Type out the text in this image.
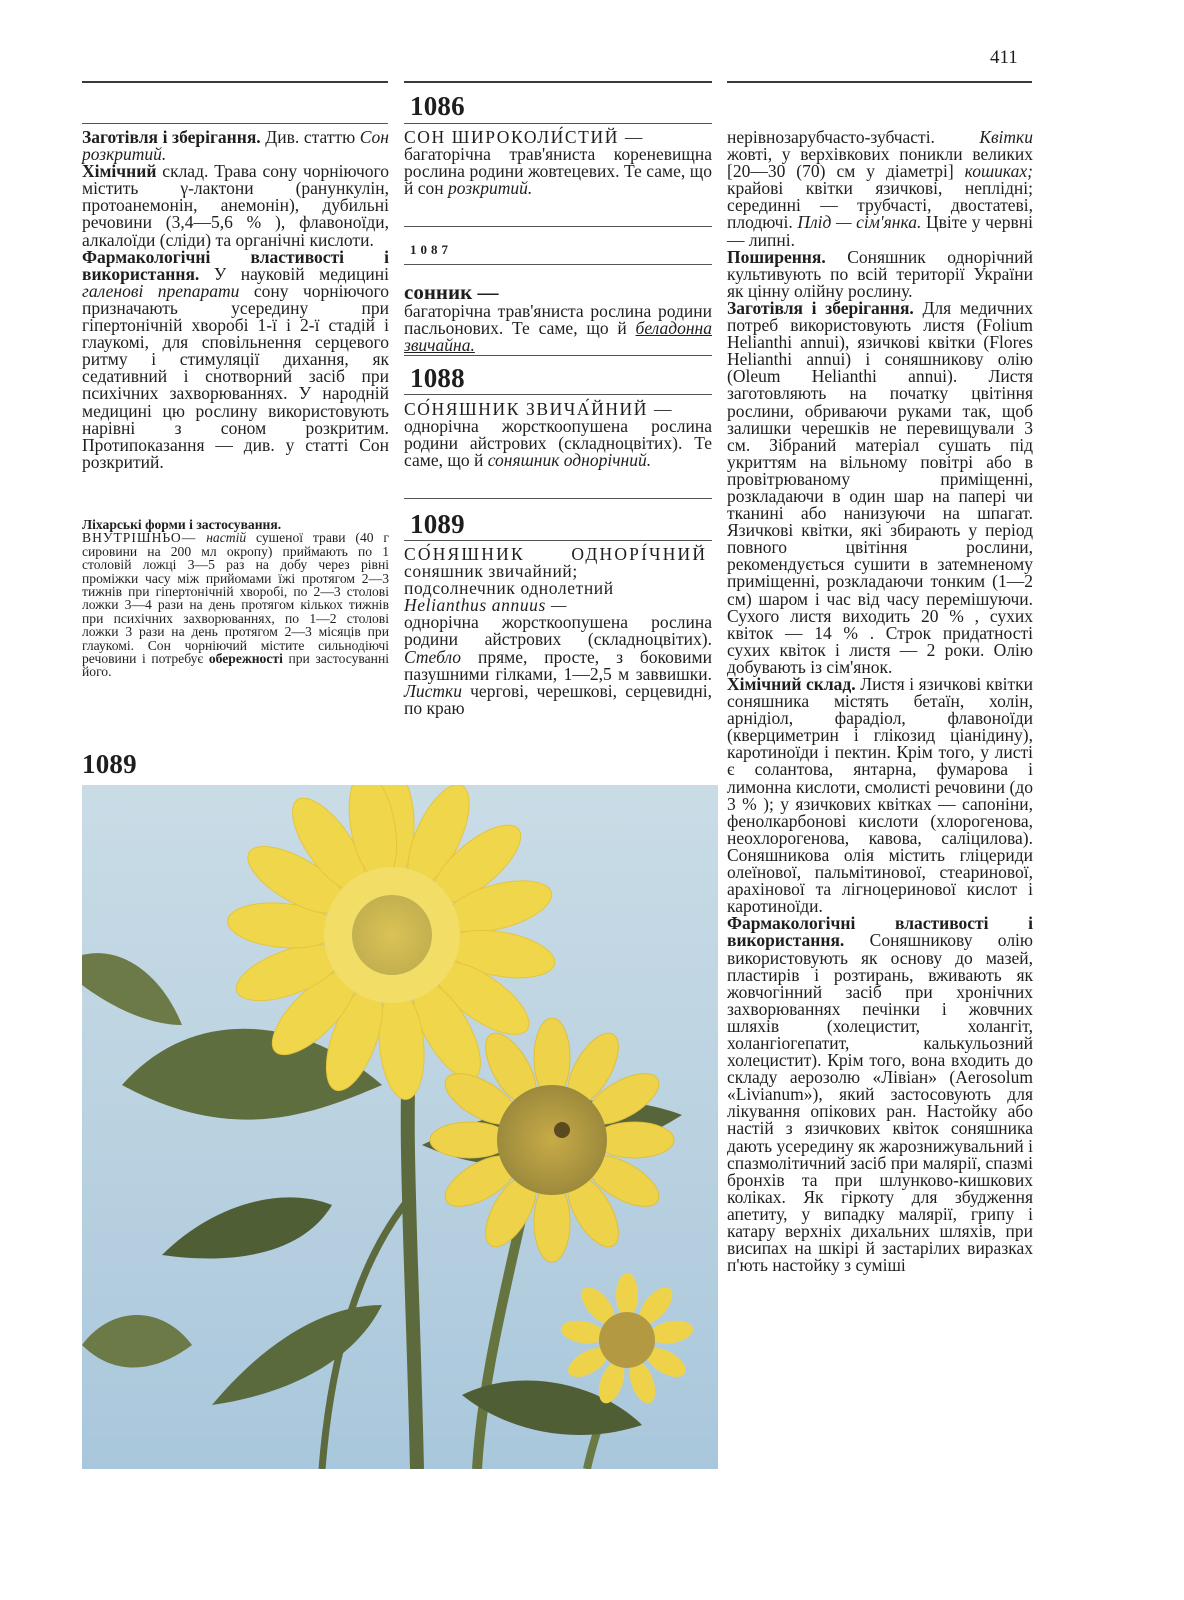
411

Заготівля і зберігання. Див. статтю Сон розкритий.

Хімічний склад. Трава сону чорніючого містить γ-лактони (ранункулін, протоанемонін, анемонін), дубильні речовини (3,4—5,6 % ), флавоноїди, алкалоїди (сліди) та органічні кислоти.

Фармакологічні властивості і використання. У науковій медицині галенові препарати сону чорніючого призначають усередину при гіпертонічній хворобі 1-ї і 2-ї стадій і глаукомі, для сповільнення серцевого ритму і стимуляції дихання, як седативний і снотворний засіб при психічних захворюваннях. У народній медицині цю рослину використовують нарівні з соном розкритим. Протипоказання — див. у статті Сон розкритий.

Ліхарські форми і застосування.
ВНУТРІШНЬО— настій сушеної трави (40 г сировини на 200 мл окропу) приймають по 1 столовій ложці 3—5 раз на добу через рівні проміжки часу між прийомами їжі протягом 2—3 тижнів при гіпертонічній хворобі, по 2—3 столові ложки 3—4 рази на день протягом кількох тижнів при психічних захворюваннях, по 1—2 столові ложки 3 рази на день протягом 2—3 місяців при глаукомі. Сон чорніючий містите сильнодіючі речовини і потребує обережності при застосуванні його.

1086
СОН ШИРОКОЛИ́СТИЙ —

багаторічна трав'яниста кореневищна рослина родини жовтецевих. Те саме, що й сон розкритий.

1087
сонник —

багаторічна трав'яниста рослина родини пасльонових. Те саме, що й беладонна звичайна.

1088
СО́НЯШНИК ЗВИЧА́ЙНИЙ —

однорічна жорсткоопушена рослина родини айстрових (складноцвітих). Те саме, що й соняшник однорічний.

1089
СО́НЯШНИК ОДНОРІ́ЧНИЙ
соняшник звичайний;
подсолнечник однолетний
Helianthus annuus —

однорічна жорсткоопушена рослина родини айстрових (складноцвітих). Стебло пряме, просте, з боковими пазушними гілками, 1—2,5 м заввишки. Листки чергові, черешкові, серцевидні, по краю

нерівнозарубчасто-зубчасті. Квітки жовті, у верхівкових поникли великих [20—30 (70) см у діаметрі] кошиках; крайові квітки язичкові, неплідні; серединні — трубчасті, двостатеві, плодючі. Плід — сім'янка. Цвіте у червні — липні.

Поширення. Соняшник однорічний культивують по всій території України як цінну олійну рослину.

Заготівля і зберігання. Для медичних потреб використовують листя (Folium Helianthi annui), язичкові квітки (Flores Helianthi annui) і соняшникову олію (Oleum Helianthi annui). Листя заготовляють на початку цвітіння рослини, обриваючи руками так, щоб залишки черешків не перевищували 3 см. Зібраний матеріал сушать під укриттям на вільному повітрі або в провітрюваному приміщенні, розкладаючи в один шар на папері чи тканині або нанизуючи на шпагат. Язичкові квітки, які збирають у період повного цвітіння рослини, рекомендується сушити в затемненому приміщенні, розкладаючи тонким (1—2 см) шаром і час від часу перемішуючи. Сухого листя виходить 20 % , сухих квіток — 14 % . Строк придатності сухих квіток і листя — 2 роки. Олію добувають із сім'янок.

Хімічний склад. Листя і язичкові квітки соняшника містять бетаїн, холін, арнідіол, фарадіол, флавоноїди (кверциметрин і глікозид ціанідину), каротиноїди і пектин. Крім того, у листі є солантова, янтарна, фумарова і лимонна кислоти, смолисті речовини (до 3 % ); у язичкових квітках — сапоніни, фенолкарбонові кислоти (хлорогенова, неохлорогенова, кавова, саліцилова). Соняшникова олія містить гліцериди олеїнової, пальмітинової, стеаринової, арахінової та лігноцеринової кислот і каротиноїди.

Фармакологічні властивості і використання. Соняшникову олію використовують як основу до мазей, пластирів і розтирань, вживають як жовчогінний засіб при хронічних захворюваннях печінки і жовчних шляхів (холецистит, холангіт, холангіогепатит, калькульозний холецистит). Крім того, вона входить до складу аерозолю «Лівіан» (Aerosolum «Livianum»), який застосовують для лікування опікових ран. Настойку або настій з язичкових квіток соняшника дають усередину як жарознижувальний і спазмолітичний засіб при малярії, спазмі бронхів та при шлунково-кишкових коліках. Як гіркоту для збудження апетиту, у випадку малярії, грипу і катару верхніх дихальних шляхів, при висипах на шкірі й застарілих виразках п'ють настойку з суміші

1089
